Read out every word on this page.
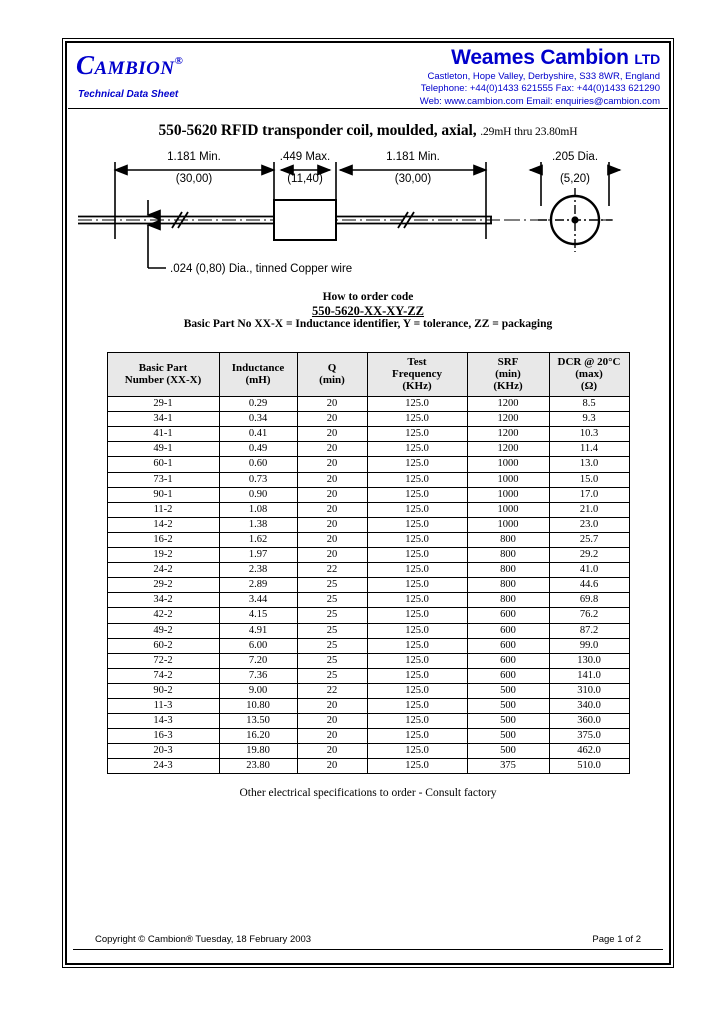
Cambion®
Technical Data Sheet
Weames Cambion LTD
Castleton, Hope Valley, Derbyshire, S33 8WR, England
Telephone: +44(0)1433 621555 Fax: +44(0)1433 621290
Web: www.cambion.com Email: enquiries@cambion.com
550-5620 RFID transponder coil, moulded, axial, .29mH thru 23.80mH
1.181 Min.
(30,00)
.449 Max.
(11,40)
1.181 Min.
(30,00)
.205 Dia.
(5,20)
.024 (0,80) Dia., tinned Copper wire
How to order code
550-5620-XX-XY-ZZ
Basic Part No XX-X = Inductance identifier, Y = tolerance, ZZ = packaging
Basic Part
Number (XX-X)

Inductance
(mH)

Q
(min)

Test
Frequency
(KHz)

SRF
(min)
(KHz)

DCR @ 20°C
(max)
(Ω)

29-1	0.29	20	125.0	1200	8.5
34-1	0.34	20	125.0	1200	9.3
41-1	0.41	20	125.0	1200	10.3
49-1	0.49	20	125.0	1200	11.4
60-1	0.60	20	125.0	1000	13.0
73-1	0.73	20	125.0	1000	15.0
90-1	0.90	20	125.0	1000	17.0
11-2	1.08	20	125.0	1000	21.0
14-2	1.38	20	125.0	1000	23.0
16-2	1.62	20	125.0	800	25.7
19-2	1.97	20	125.0	800	29.2
24-2	2.38	22	125.0	800	41.0
29-2	2.89	25	125.0	800	44.6
34-2	3.44	25	125.0	800	69.8
42-2	4.15	25	125.0	600	76.2
49-2	4.91	25	125.0	600	87.2
60-2	6.00	25	125.0	600	99.0
72-2	7.20	25	125.0	600	130.0
74-2	7.36	25	125.0	600	141.0
90-2	9.00	22	125.0	500	310.0
11-3	10.80	20	125.0	500	340.0
14-3	13.50	20	125.0	500	360.0
16-3	16.20	20	125.0	500	375.0
20-3	19.80	20	125.0	500	462.0
24-3	23.80	20	125.0	375	510.0
Other electrical specifications to order - Consult factory
Copyright © Cambion® Tuesday, 18 February 2003	Page 1 of 2
